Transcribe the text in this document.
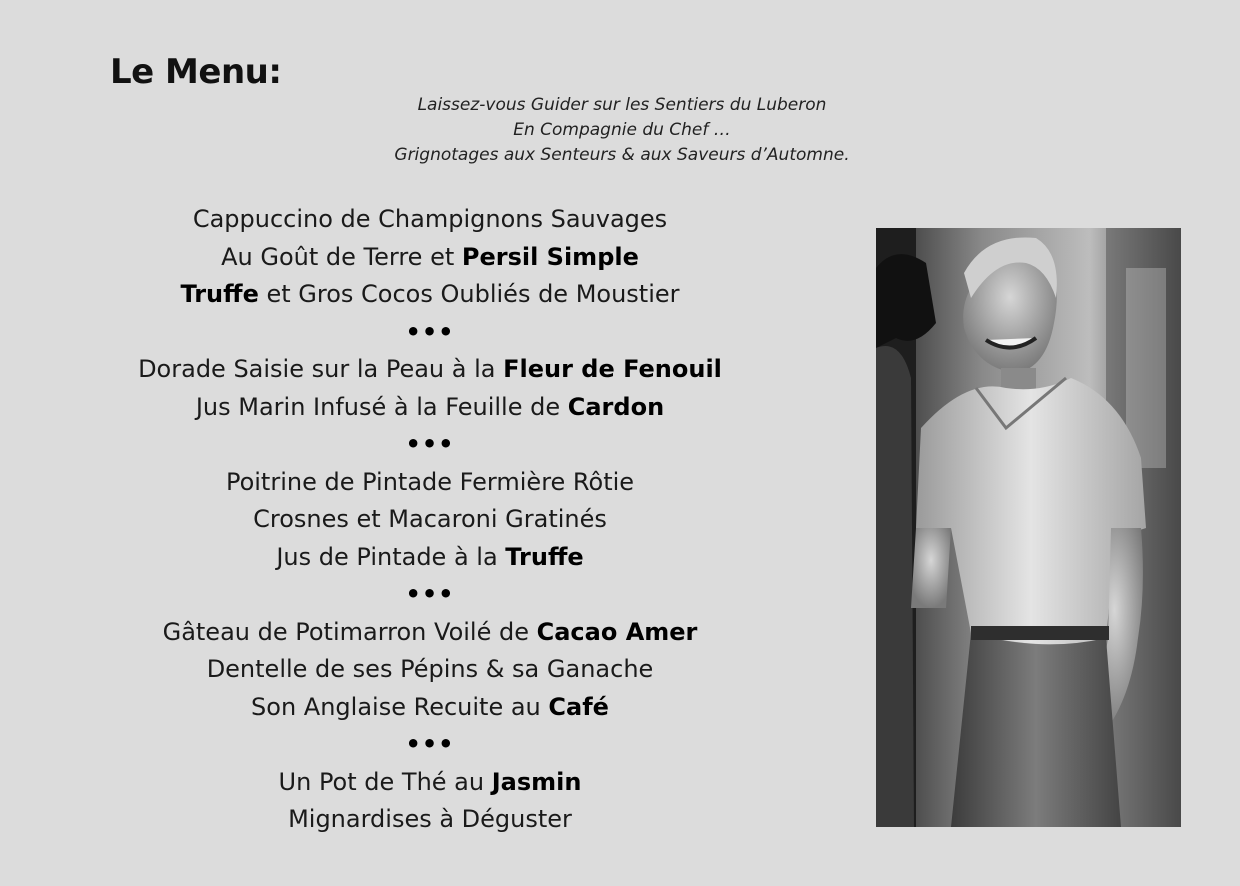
Le Menu:
Laissez-vous Guider sur les Sentiers du Luberon
En Compagnie du Chef …
Grignotages aux Senteurs & aux Saveurs d’Automne.
Cappuccino de Champignons Sauvages
Au Goût de Terre et Persil Simple
Truffe et Gros Cocos Oubliés de Moustier
•••
Dorade Saisie sur la Peau à la Fleur de Fenouil
Jus Marin Infusé à la Feuille de Cardon
•••
Poitrine de Pintade Fermière Rôtie
Crosnes et Macaroni Gratinés
Jus de Pintade à la Truffe
•••
Gâteau de Potimarron Voilé de Cacao Amer
Dentelle de ses Pépins & sa Ganache
Son Anglaise Recuite au Café
•••
Un Pot de Thé au Jasmin
Mignardises à Déguster
